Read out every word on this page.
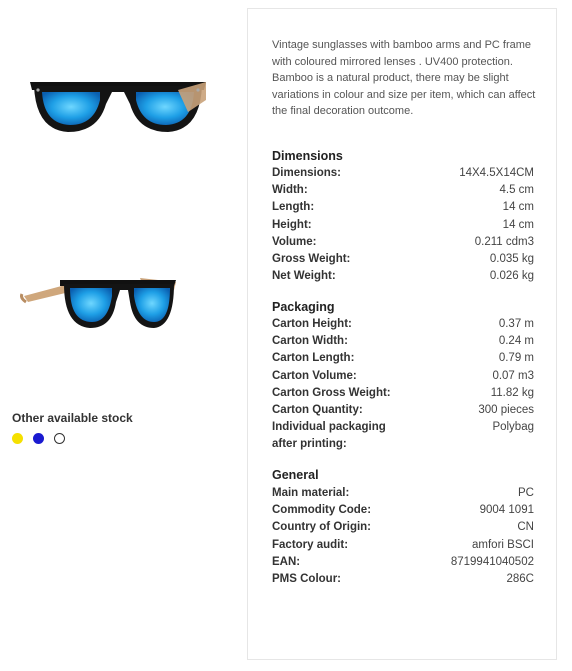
Other available stock
Vintage sunglasses with bamboo arms and PC frame with coloured mirrored lenses . UV400 protection. Bamboo is a natural product, there may be slight variations in colour and size per item, which can affect the final decoration outcome.
Dimensions
Dimensions:	14X4.5X14CM
Width:	4.5 cm
Length:	14 cm
Height:	14 cm
Volume:	0.211 cdm3
Gross Weight:	0.035 kg
Net Weight:	0.026 kg
Packaging
Carton Height:	0.37 m
Carton Width:	0.24 m
Carton Length:	0.79 m
Carton Volume:	0.07 m3
Carton Gross Weight:	11.82 kg
Carton Quantity:	300 pieces
Individual packaging after printing:
Polybag
General
Main material:	PC
Commodity Code:	9004 1091
Country of Origin:	CN
Factory audit:	amfori BSCI
EAN:	8719941040502
PMS Colour:	286C
